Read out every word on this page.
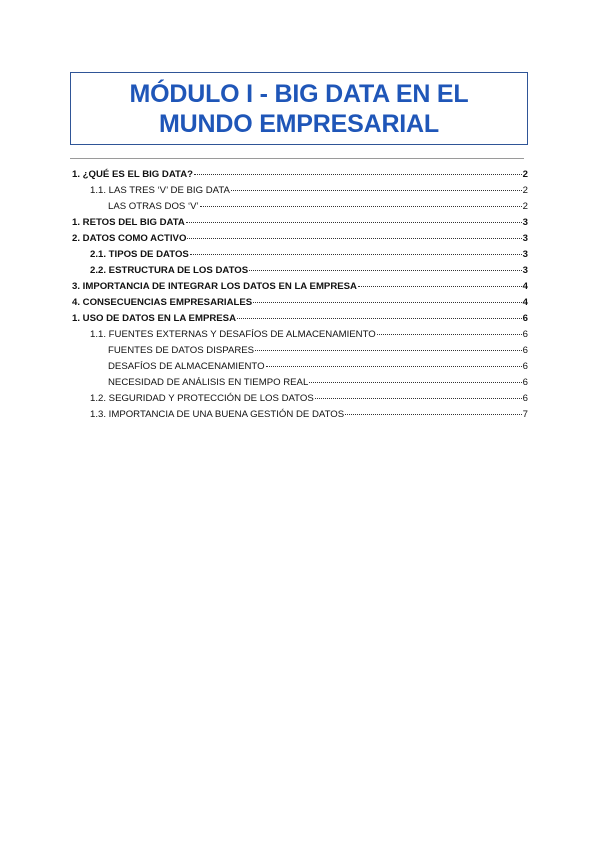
MÓDULO I - BIG DATA EN EL
MUNDO EMPRESARIAL
1. ¿QUÉ ES EL BIG DATA?	2
1.1. LAS TRES ‘V’ DE BIG DATA	2
LAS OTRAS DOS ‘V’	2
1. RETOS DEL BIG DATA	3
2. DATOS COMO ACTIVO	3
2.1. TIPOS DE DATOS	3
2.2. ESTRUCTURA DE LOS DATOS	3
3. IMPORTANCIA DE INTEGRAR LOS DATOS EN LA EMPRESA	4
4. CONSECUENCIAS EMPRESARIALES	4
1. USO DE DATOS EN LA EMPRESA	6
1.1. FUENTES EXTERNAS Y DESAFÍOS DE ALMACENAMIENTO	6
FUENTES DE DATOS DISPARES	6
DESAFÍOS DE ALMACENAMIENTO	6
NECESIDAD DE ANÁLISIS EN TIEMPO REAL	6
1.2. SEGURIDAD Y PROTECCIÓN DE LOS DATOS	6
1.3. IMPORTANCIA DE UNA BUENA GESTIÓN DE DATOS	7
